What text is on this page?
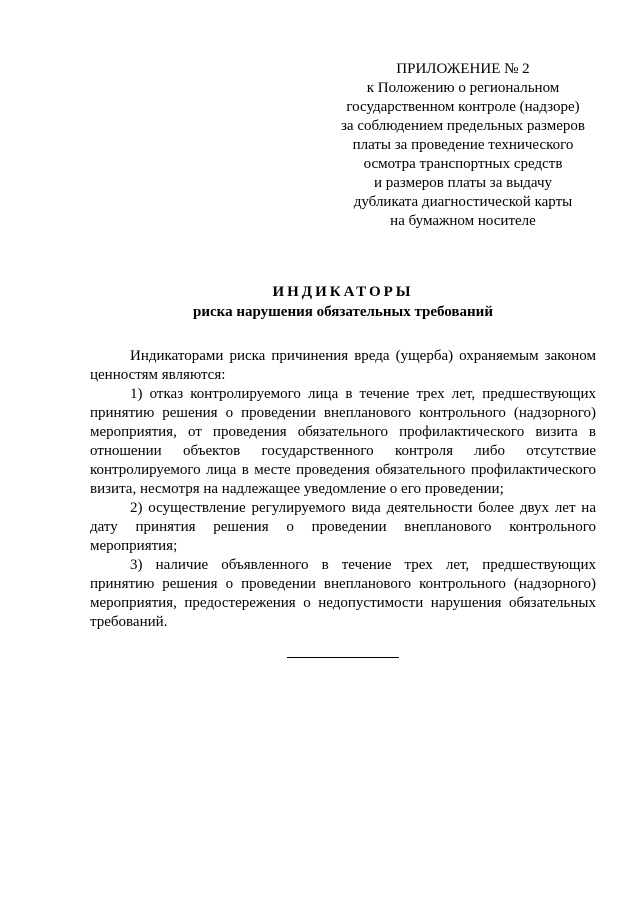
ПРИЛОЖЕНИЕ № 2
к Положению о региональном
государственном контроле (надзоре)
за соблюдением предельных размеров
платы за проведение технического
осмотра транспортных средств
и размеров платы за выдачу
дубликата диагностической карты
на бумажном носителе
ИНДИКАТОРЫ
риска нарушения обязательных требований

Индикаторами риска причинения вреда (ущерба) охраняемым законом ценностям являются:

1) отказ контролируемого лица в течение трех лет, предшествующих принятию решения о проведении внепланового контрольного (надзорного) мероприятия, от проведения обязательного профилактического визита в отношении объектов государственного контроля либо отсутствие контролируемого лица в месте проведения обязательного профилактического визита, несмотря на надлежащее уведомление о его проведении;

2) осуществление регулируемого вида деятельности более двух лет на дату принятия решения о проведении внепланового контрольного мероприятия;

3) наличие объявленного в течение трех лет, предшествующих принятию решения о проведении внепланового контрольного (надзорного) мероприятия, предостережения о недопустимости нарушения обязательных требований.
